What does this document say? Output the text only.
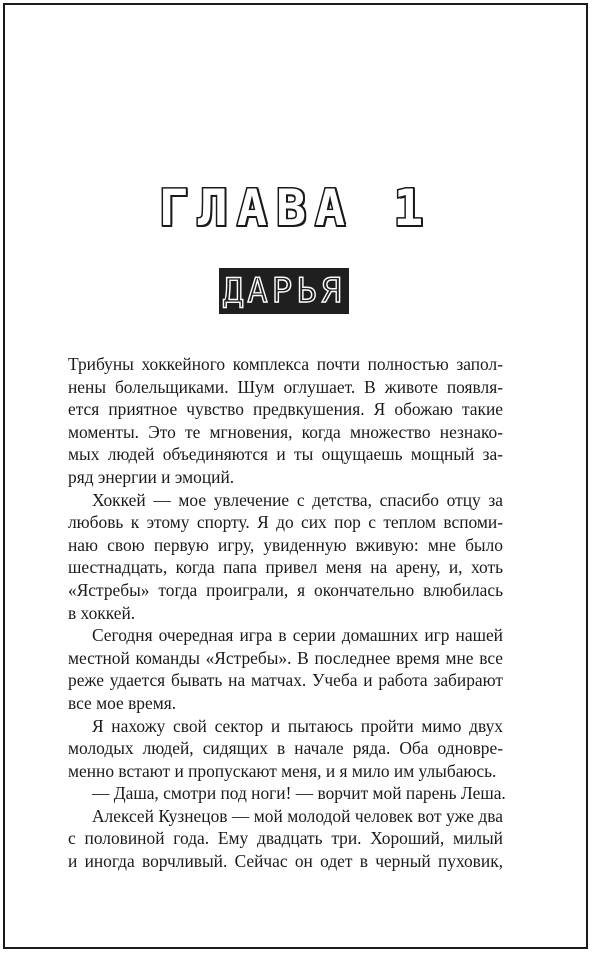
ГЛАВА 1
ДАРЬЯ

Трибуны хоккейного комплекса почти полностью запол-
нены болельщиками. Шум оглушает. В животе появля-
ется приятное чувство предвкушения. Я обожаю такие
моменты. Это те мгновения, когда множество незнако-
мых людей объединяются и ты ощущаешь мощный за-
ряд энергии и эмоций.

Хоккей — мое увлечение с детства, спасибо отцу за
любовь к этому спорту. Я до сих пор с теплом вспоми-
наю свою первую игру, увиденную вживую: мне было
шестнадцать, когда папа привел меня на арену, и, хоть
«Ястребы» тогда проиграли, я окончательно влюбилась
в хоккей.

Сегодня очередная игра в серии домашних игр нашей
местной команды «Ястребы». В последнее время мне все
реже удается бывать на матчах. Учеба и работа забирают
все мое время.

Я нахожу свой сектор и пытаюсь пройти мимо двух
молодых людей, сидящих в начале ряда. Оба одновре-
менно встают и пропускают меня, и я мило им улыбаюсь.

— Даша, смотри под ноги! — ворчит мой парень Леша.

Алексей Кузнецов — мой молодой человек вот уже два
с половиной года. Ему двадцать три. Хороший, милый
и иногда ворчливый. Сейчас он одет в черный пуховик,
